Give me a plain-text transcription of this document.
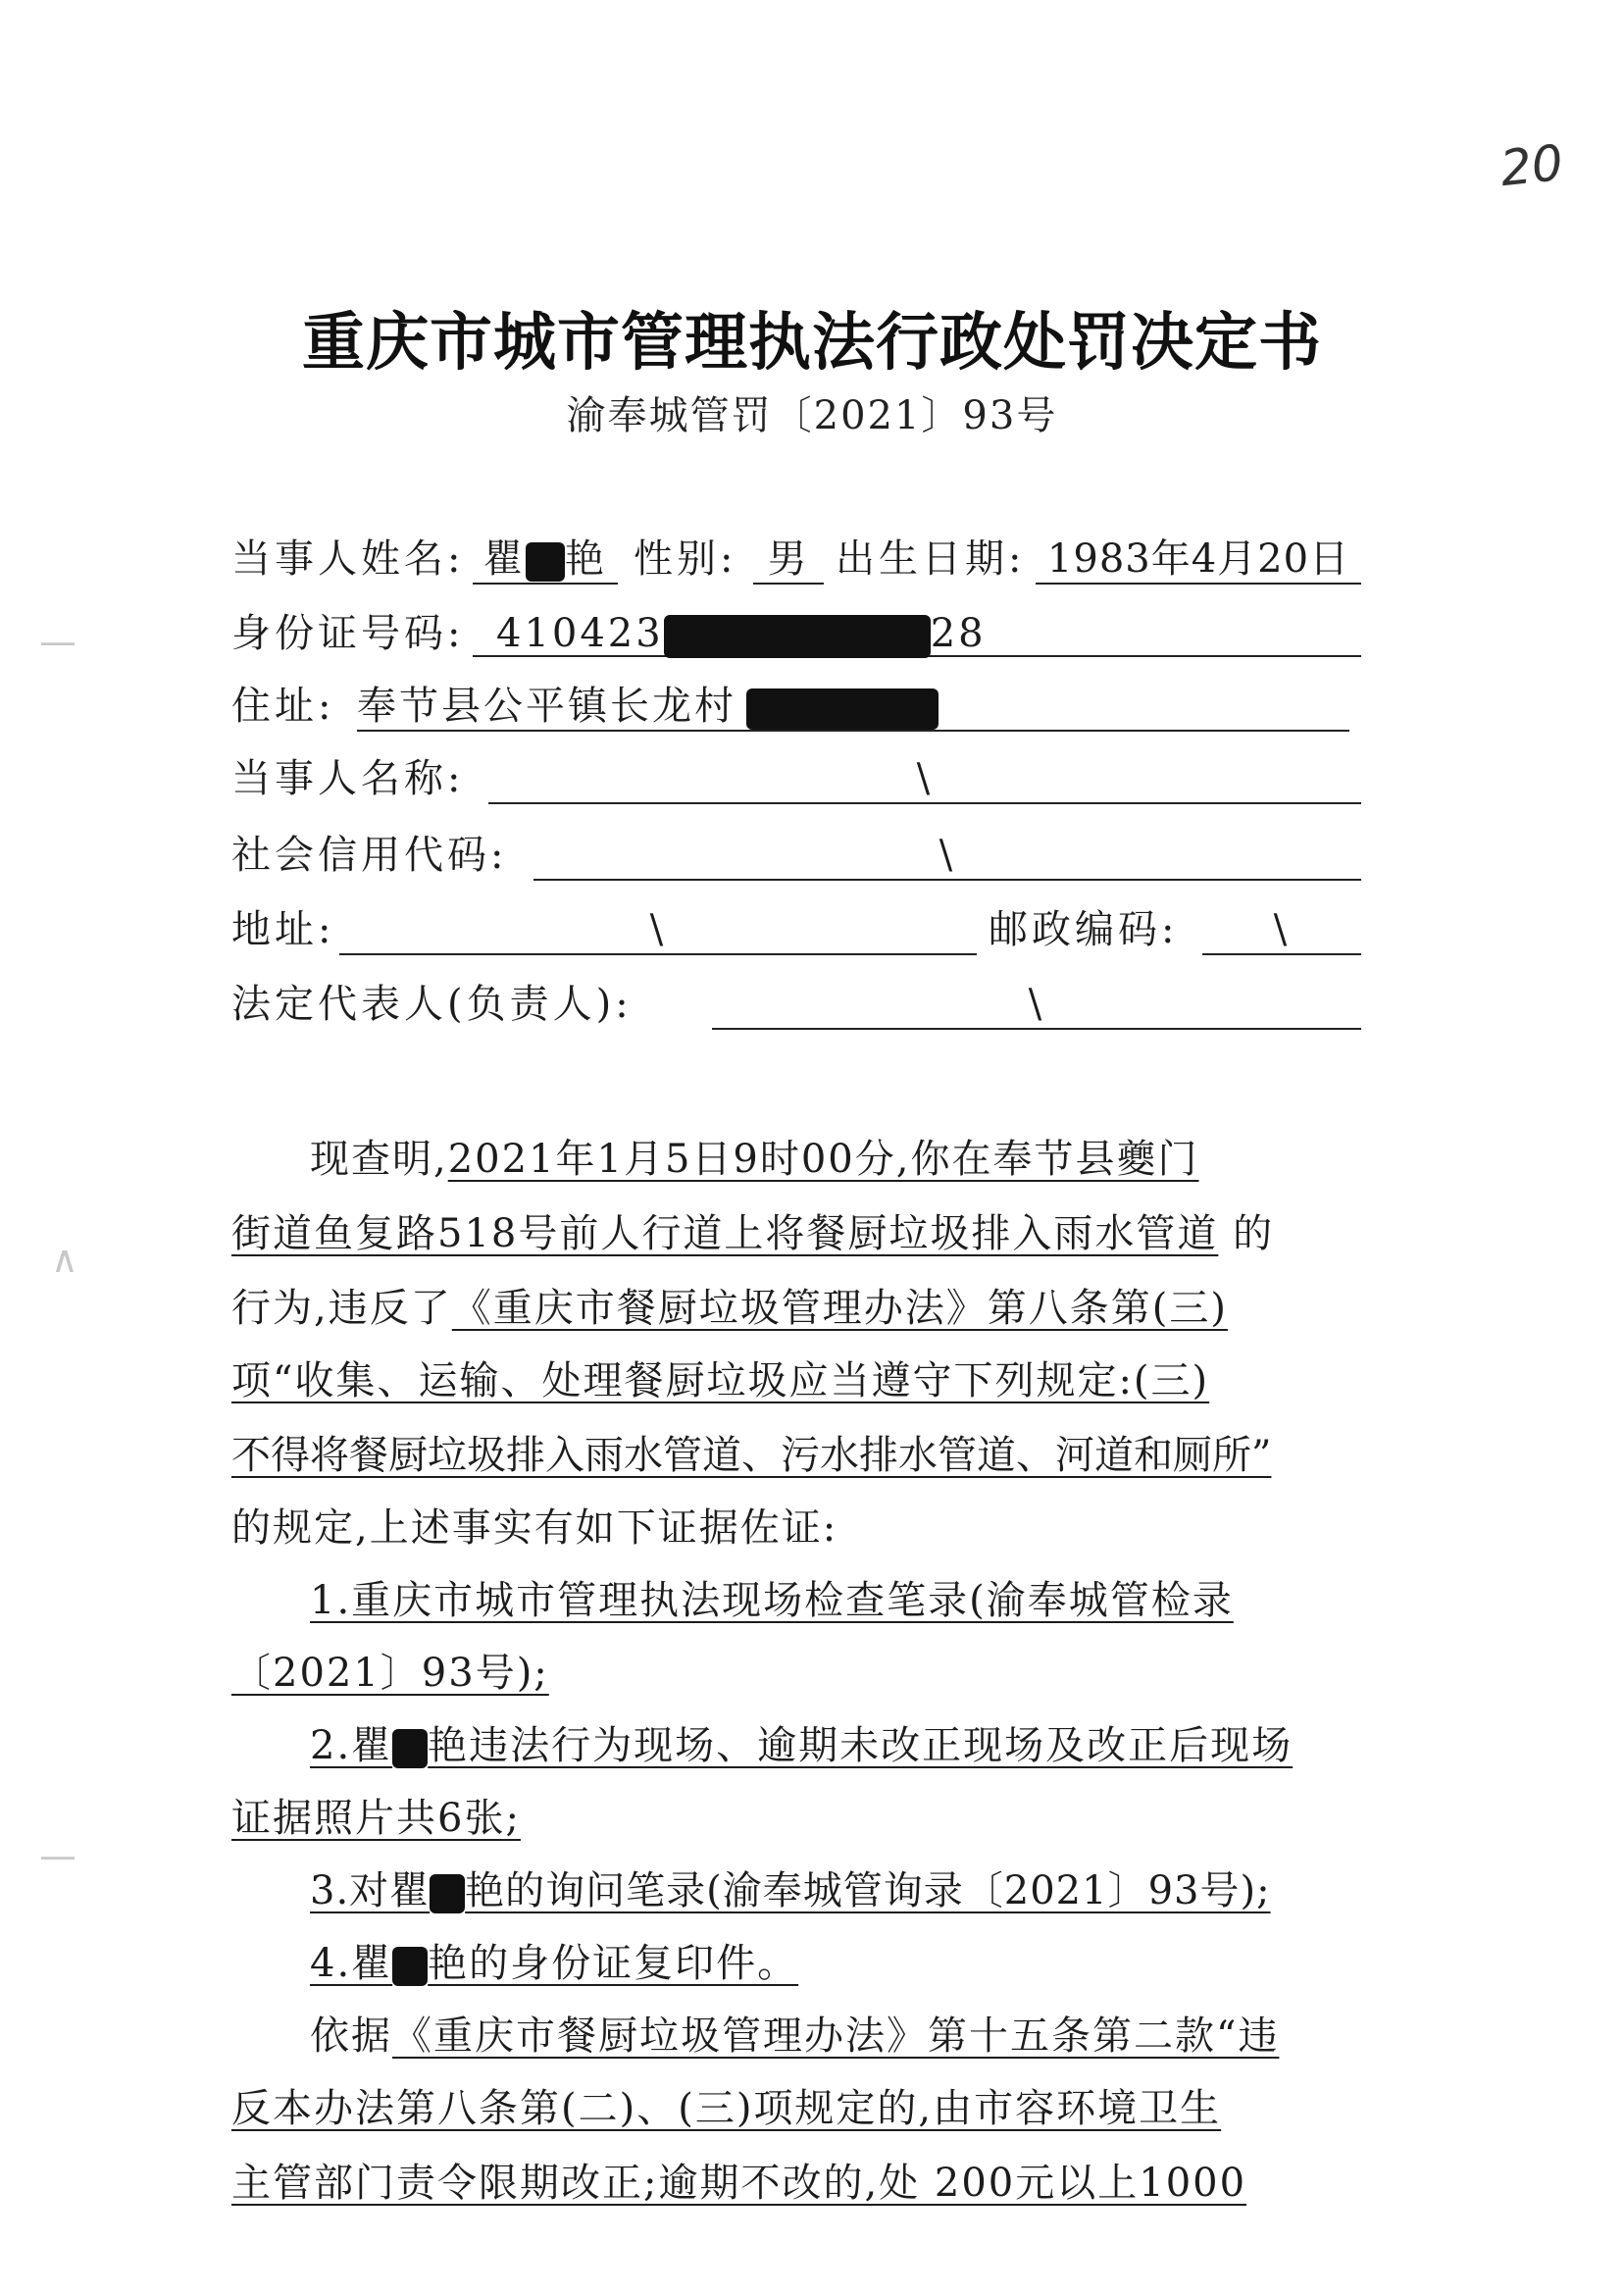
20
—
∧
—
重庆市城市管理执法行政处罚决定书
渝奉城管罚〔2021〕93号
当事人姓名: 瞿 艳 性别: 男 出生日期: 1983年4月20日
身份证号码: 410423	28
住址: 奉节县公平镇长龙村
当事人名称:	\
社会信用代码:	\
地址:	\	邮政编码:	\
法定代表人(负责人):	\
现查明,2021年1月5日9时00分,你在奉节县夔门
街道鱼复路518号前人行道上将餐厨垃圾排入雨水管道 的
行为,违反了《重庆市餐厨垃圾管理办法》第八条第(三)
项“收集、运输、处理餐厨垃圾应当遵守下列规定:(三)
不得将餐厨垃圾排入雨水管道、污水排水管道、河道和厕所”
的规定,上述事实有如下证据佐证:
1.重庆市城市管理执法现场检查笔录(渝奉城管检录
〔2021〕93号);
2.瞿 艳违法行为现场、逾期未改正现场及改正后现场
证据照片共6张;
3.对瞿 艳的询问笔录(渝奉城管询录〔2021〕93号);
4.瞿 艳的身份证复印件。
依据《重庆市餐厨垃圾管理办法》第十五条第二款“违
反本办法第八条第(二)、(三)项规定的,由市容环境卫生
主管部门责令限期改正;逾期不改的,处 200元以上1000
